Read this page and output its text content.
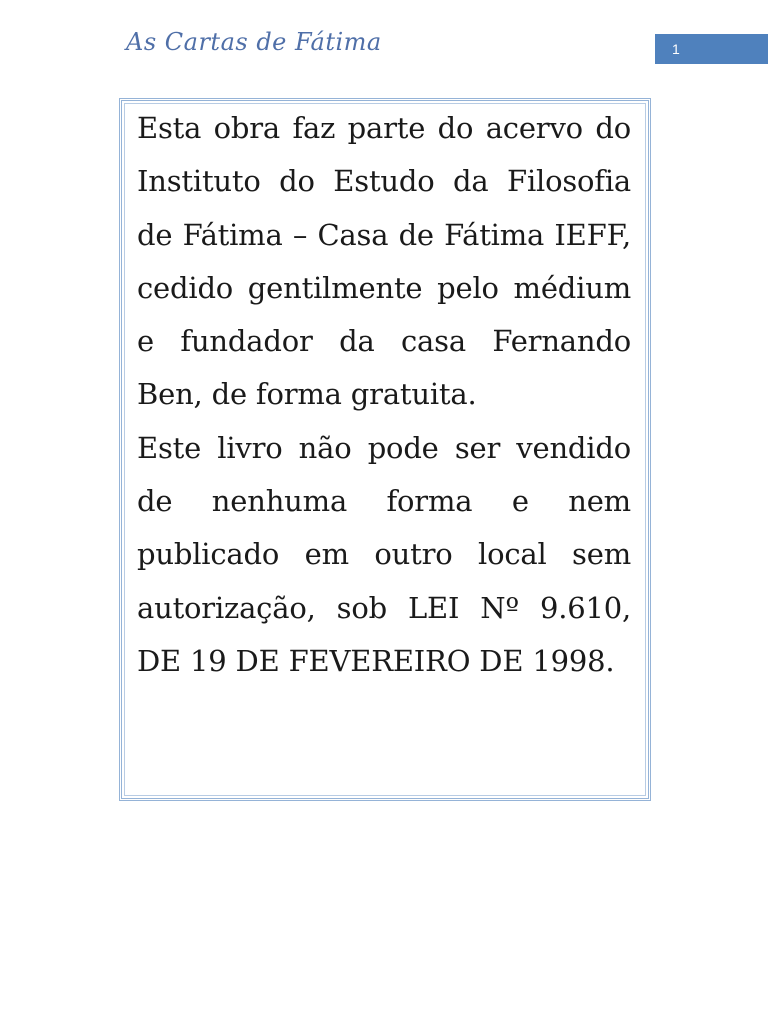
As Cartas de Fátima	1

Esta obra faz parte do acervo do Instituto do Estudo da Filosofia de Fátima – Casa de Fátima IEFF, cedido gentilmente pelo médium e fundador da casa Fernando Ben, de forma gratuita.

Este livro não pode ser vendido de nenhuma forma e nem publicado em outro local sem autorização, sob LEI Nº 9.610, DE 19 DE FEVEREIRO DE 1998.
